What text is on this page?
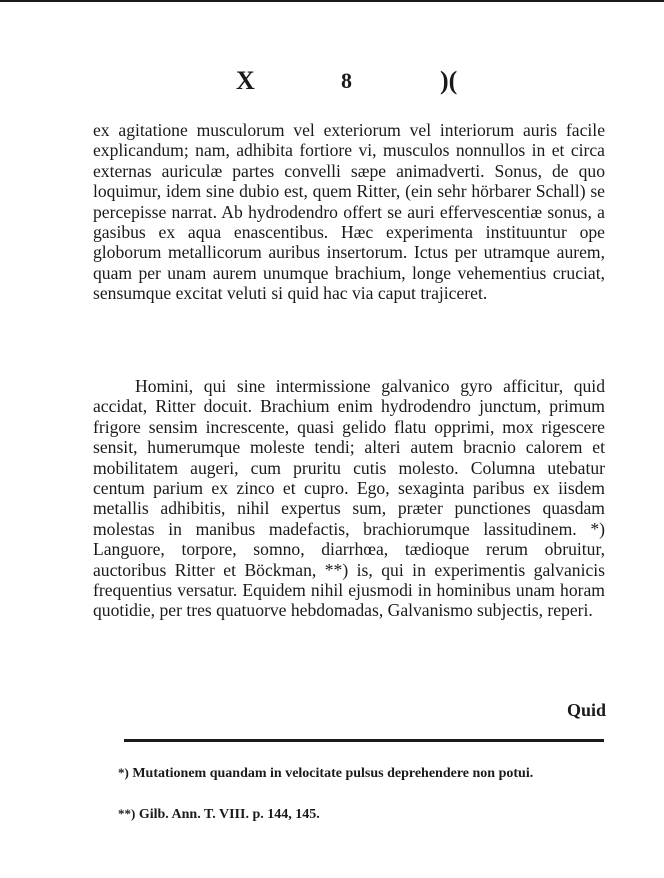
X	8	)(

ex agitatione musculorum vel exteriorum vel interiorum auris facile explicandum; nam, adhibita fortiore vi, musculos nonnullos in et circa externas auriculæ partes convelli sæpe animadverti. Sonus, de quo loquimur, idem sine dubio est, quem Ritter, (ein sehr hörbarer Schall) se percepisse narrat. Ab hydrodendro offert se auri effervescentiæ sonus, a gasibus ex aqua enascentibus. Hæc experimenta instituuntur ope globorum metallicorum auribus insertorum. Ictus per utramque aurem, quam per unam aurem unumque brachium, longe vehementius cruciat, sensumque excitat veluti si quid hac via caput trajiceret.

Homini, qui sine intermissione galvanico gyro afficitur, quid accidat, Ritter docuit. Brachium enim hydrodendro junctum, primum frigore sensim increscente, quasi gelido flatu opprimi, mox rigescere sensit, humerumque moleste tendi; alteri autem bracnio calorem et mobilitatem augeri, cum pruritu cutis molesto. Columna utebatur centum parium ex zinco et cupro. Ego, sexaginta paribus ex iisdem metallis adhibitis, nihil expertus sum, præter punctiones quasdam molestas in manibus madefactis, brachiorumque lassitudinem. *) Languore, torpore, somno, diarrhœa, tædioque rerum obruitur, auctoribus Ritter et Böckman, **) is, qui in experimentis galvanicis frequentius versatur. Equidem nihil ejusmodi in hominibus unam horam quotidie, per tres quatuorve hebdomadas, Galvanismo subjectis, reperi.

Quid

*) Mutationem quandam in velocitate pulsus deprehendere non potui.

**) Gilb. Ann. T. VIII. p. 144, 145.
